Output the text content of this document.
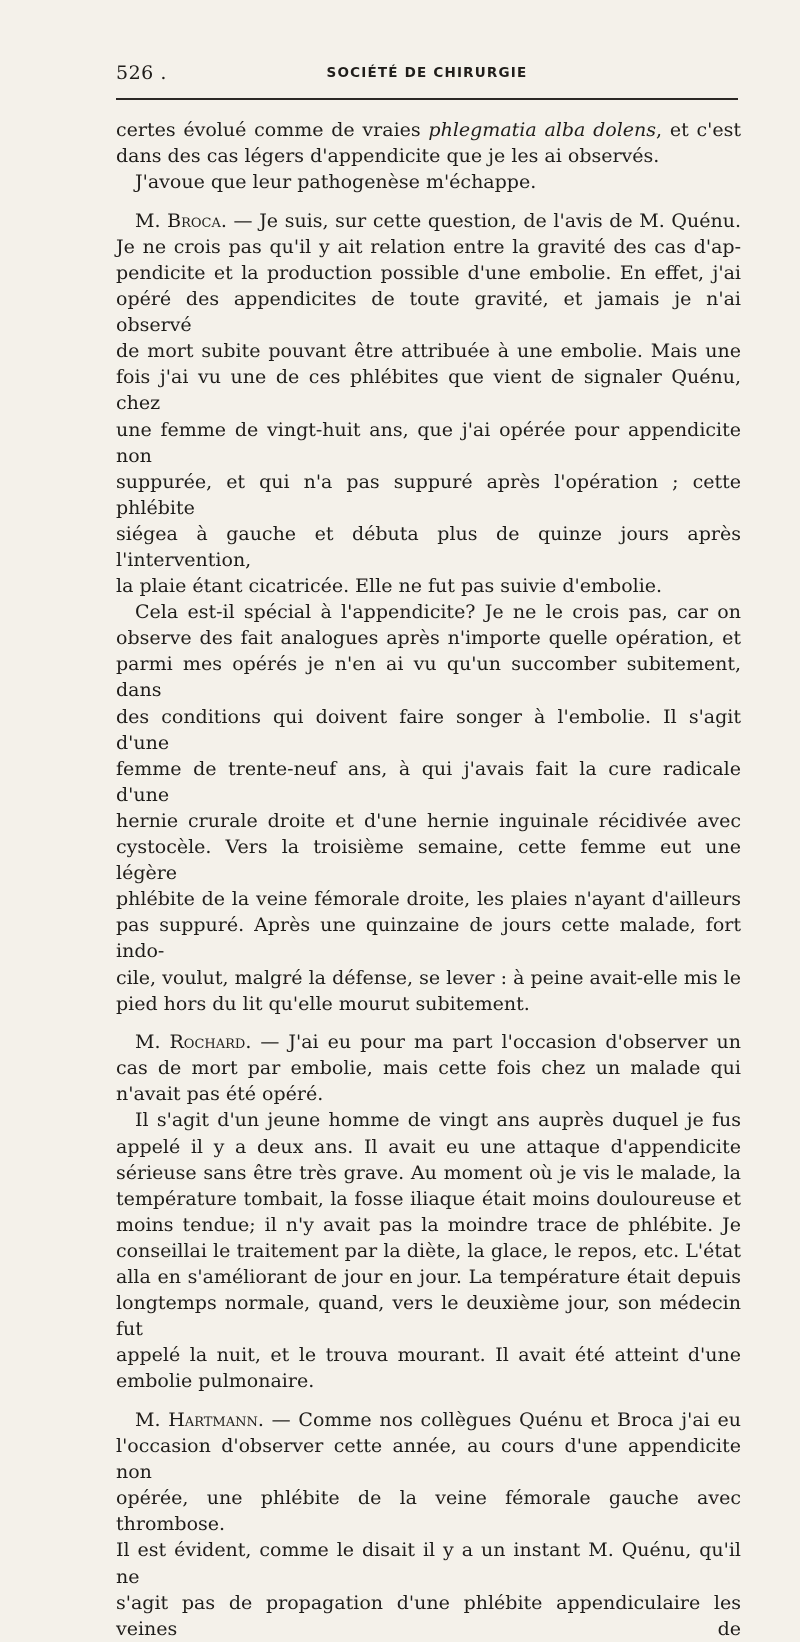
526 .	SOCIÉTÉ DE CHIRURGIE

certes évolué comme de vraies phlegmatia alba dolens, et c'est

dans des cas légers d'appendicite que je les ai observés.

J'avoue que leur pathogenèse m'échappe.

M. Broca. — Je suis, sur cette question, de l'avis de M. Quénu.

Je ne crois pas qu'il y ait relation entre la gravité des cas d'ap-

pendicite et la production possible d'une embolie. En effet, j'ai

opéré des appendicites de toute gravité, et jamais je n'ai observé

de mort subite pouvant être attribuée à une embolie. Mais une

fois j'ai vu une de ces phlébites que vient de signaler Quénu, chez

une femme de vingt-huit ans, que j'ai opérée pour appendicite non

suppurée, et qui n'a pas suppuré après l'opération ; cette phlébite

siégea à gauche et débuta plus de quinze jours après l'intervention,

la plaie étant cicatricée. Elle ne fut pas suivie d'embolie.

Cela est-il spécial à l'appendicite? Je ne le crois pas, car on

observe des fait analogues après n'importe quelle opération, et

parmi mes opérés je n'en ai vu qu'un succomber subitement, dans

des conditions qui doivent faire songer à l'embolie. Il s'agit d'une

femme de trente-neuf ans, à qui j'avais fait la cure radicale d'une

hernie crurale droite et d'une hernie inguinale récidivée avec

cystocèle. Vers la troisième semaine, cette femme eut une légère

phlébite de la veine fémorale droite, les plaies n'ayant d'ailleurs

pas suppuré. Après une quinzaine de jours cette malade, fort indo-

cile, voulut, malgré la défense, se lever : à peine avait-elle mis le

pied hors du lit qu'elle mourut subitement.

M. Rochard. — J'ai eu pour ma part l'occasion d'observer un

cas de mort par embolie, mais cette fois chez un malade qui

n'avait pas été opéré.

Il s'agit d'un jeune homme de vingt ans auprès duquel je fus

appelé il y a deux ans. Il avait eu une attaque d'appendicite

sérieuse sans être très grave. Au moment où je vis le malade, la

température tombait, la fosse iliaque était moins douloureuse et

moins tendue; il n'y avait pas la moindre trace de phlébite. Je

conseillai le traitement par la diète, la glace, le repos, etc. L'état

alla en s'améliorant de jour en jour. La température était depuis

longtemps normale, quand, vers le deuxième jour, son médecin fut

appelé la nuit, et le trouva mourant. Il avait été atteint d'une

embolie pulmonaire.

M. Hartmann. — Comme nos collègues Quénu et Broca j'ai eu

l'occasion d'observer cette année, au cours d'une appendicite non

opérée, une phlébite de la veine fémorale gauche avec thrombose.

Il est évident, comme le disait il y a un instant M. Quénu, qu'il ne

s'agit pas de propagation d'une phlébite appendiculaire les veines de
